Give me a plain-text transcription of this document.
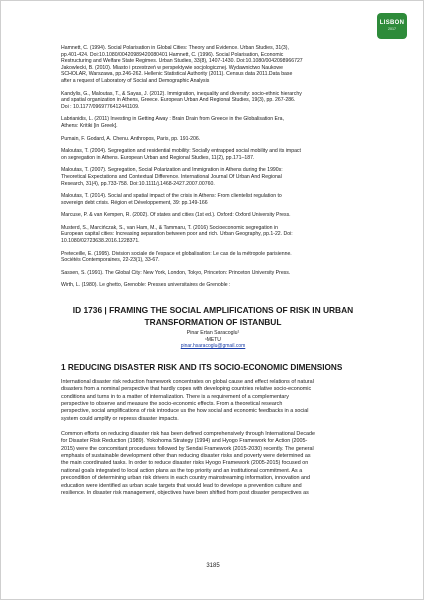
LISBON
2017
Hamnett, C. (1994). Social Polarisation in Global Cities: Theory and Evidence. Urban Studies, 31(3),
pp.401-424. Doi:10.1080/00420989420080401 Hamnett, C. (1996). Social Polarisation, Economic
Restructuring and Welfare State Regimes. Urban Studies, 33(8), 1407-1430. Doi:10.1080/0042098966727
Jakowlecki, B. (2010). Miasto i przestrzeń w perspektywie socjologicznej. Wydawnictwo Naukowe
SCHOLAR, Warszawa, pp.246-262. Hellenic Statistical Authority (2011). Census data 2011.Data base
after a request of Laboratory of Social and Demographic Analysis
Kandylis, G., Maloutas, T., & Sayas, J. (2012). Immigration, inequality and diversity: socio-ethnic hierarchy
and spatial organization in Athens, Greece. European Urban And Regional Studies, 19(3), pp. 267-286.
Doi : 10.1177/0969776412441109.
Labrianidis, L. (2011) Investing in Getting Away : Brain Drain from Greece in the Globalisation Era,
Athens: Kritiki [in Greek].
Pumain, F. Godard, A. Chenu. Anthropos, Paris, pp. 191-206.
Maloutas, T. (2004). Segregation and residential mobility: Socially entrapped social mobility and its impact
on segregation in Athens. European Urban and Regional Studies, 11(2), pp.171–187.
Maloutas, T. (2007). Segregation, Social Polarization and Immigration in Athens during the 1990s:
Theoretical Expectations and Contextual Difference. International Journal Of Urban And Regional
Research, 31(4), pp.733-758. Doi:10.1111/j.1468-2427.2007.00760.
Maloutas, T. (2014). Social and spatial impact of the crisis in Athens: From clientelist regulation to
sovereign debt crisis. Région et Développement, 39: pp.149-166
Marcuse, P. & van Kempen, R. (2002). Of states and cities (1st ed.). Oxford: Oxford University Press.
Musterd, S., Marcińczak, S., van Ham, M., & Tammaru, T. (2016) Socioeconomic segregation in
European capital cities: Increasing separation between poor and rich. Urban Geography, pp.1-22. Doi:
10.1080/02723638.2016.1228371.
Preteceille, E. (1995). Division sociale de l'espace et globalisation: Le cas de la métropole parisienne.
Sociétés Contemporaines, 22-23(1), 33-67.
Sassen, S. (1991). The Global City: New York, London, Tokyo, Princeton: Princeton University Press.
Wirth, L. (1980). Le ghetto, Grenoble: Presses universitaires de Grenoble :
ID 1736 | FRAMING THE SOCIAL AMPLIFICATIONS OF RISK IN URBAN
TRANSFORMATION OF ISTANBUL
Pinar Ertan Saracoglu¹
¹METU
pinar.hsaracoglu@gmail.com
1 REDUCING DISASTER RISK AND ITS SOCIO-ECONOMIC DIMENSIONS
International disaster risk reduction framework concentrates on global cause and effect relations of natural
disasters from a nominal perspective that hardly copes with developing countries relative socio-economic
conditions and turns in to a matter of internalization. There is a requirement of a complementary
perspective to observe and measure the socio-economic effects. From a theoretical research
perspective, social amplifications of risk introduce us the how social and economic feedbacks in a social
system could amplify or repress disaster impacts.
Common efforts on reducing disaster risk has been defined comprehensively through International Decade
for Disaster Risk Reduction (1989). Yokohoma Strategy (1994) and Hyogo Framework for Action (2005-
2015) were the concomitant procedures followed by Sendai Framework (2015-2030) recently. The general
emphasis of sustainable development other than reducing disaster risks and poverty were determined as
the main coordinated tasks. In order to reduce disaster risks Hyogo Framework (2005-2015) focused on
national goals integrated to local action plans as the top priority and an institutional commitment. As a
precondition of determining urban risk drivers in each country mainstreaming information, innovation and
education were identified as urban scale targets that would lead to develope a prevention culture and
resilience. In disaster risk management, objectives have been shifted from post disaster perspectives as
3185
